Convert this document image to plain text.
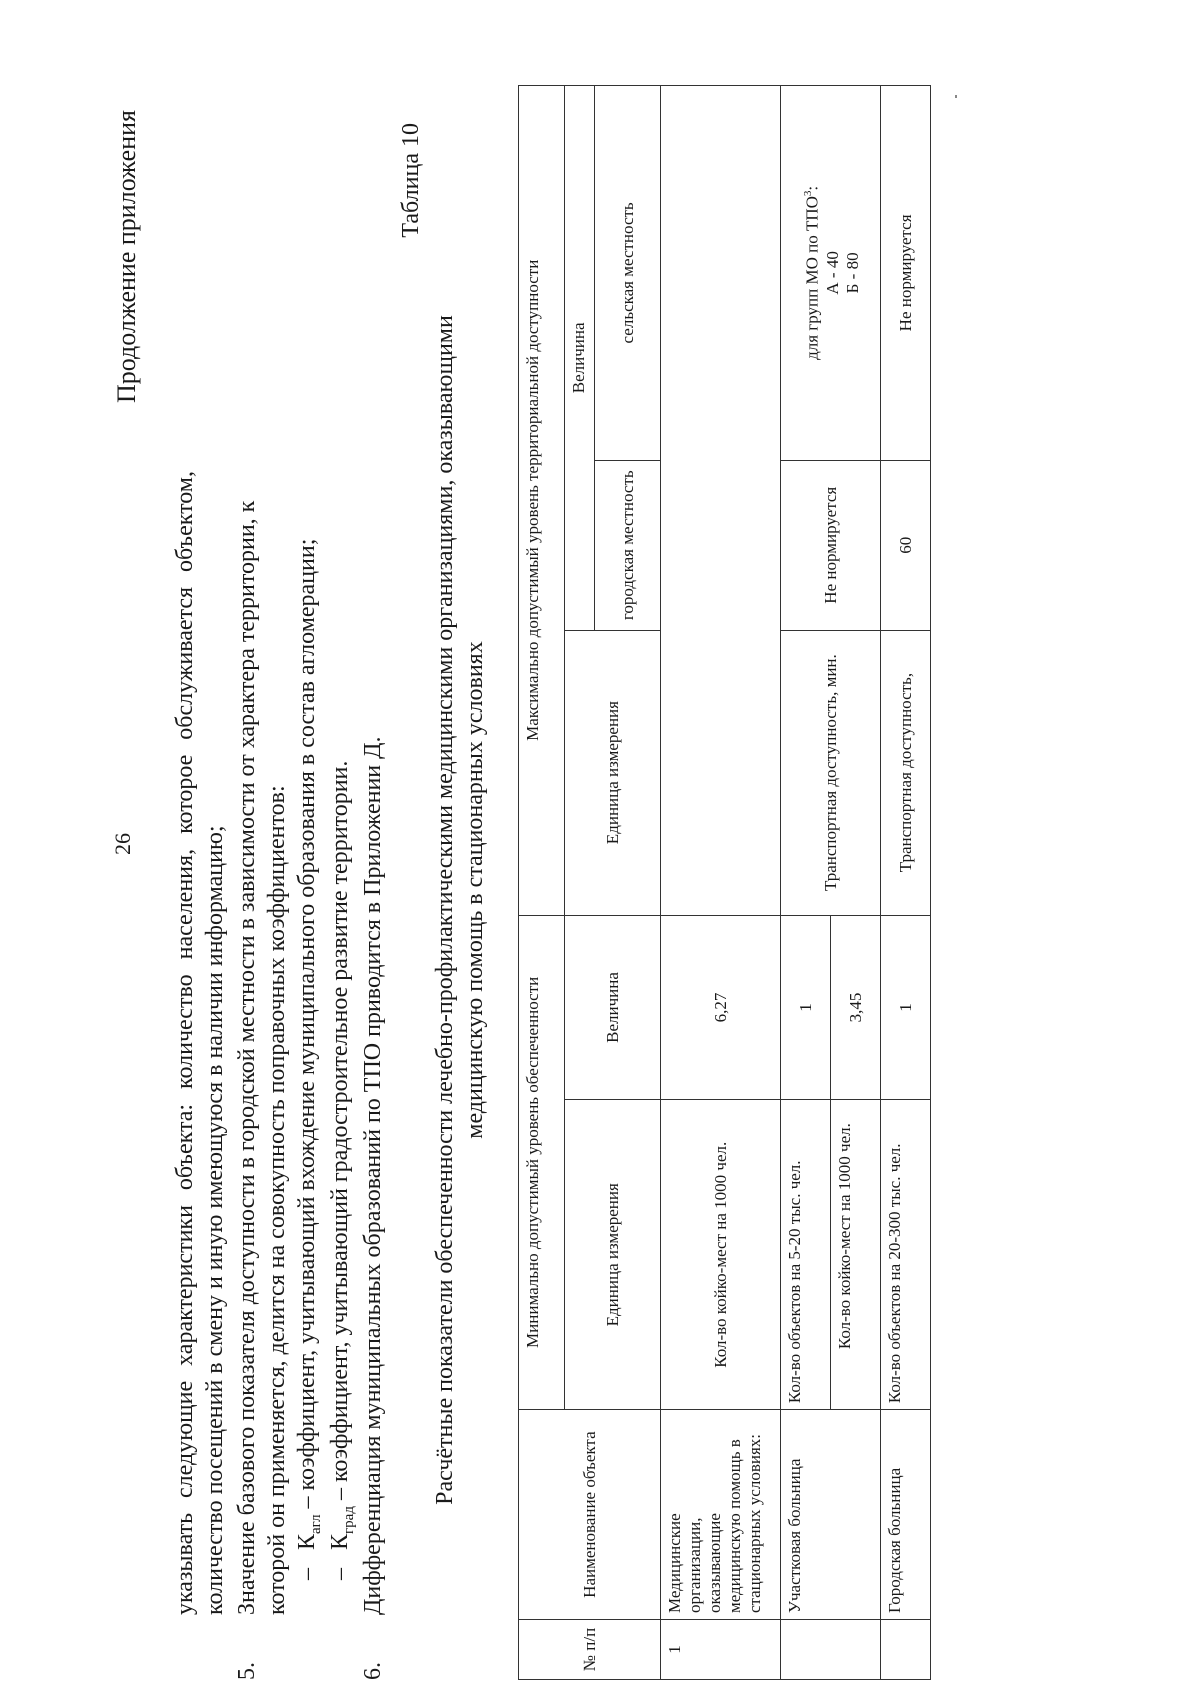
Продолжение приложения
26 указывать следующие характеристики объекта: количество населения, которое обслуживается объектом, количество посещений в смену и иную имеющуюся в наличии информацию;
5.
Значение базового показателя доступности в городской местности в зависимости от характера территории, к которой он применяется, делится на совокупность поправочных коэффициентов: $-К_{агл}$ – коэффициент, учитывающий вхождение муниципального образования в состав агломерации;
$-К_{град}$ – коэффициент, учитывающий градостроительное развитие территории.
6.
Дифференциация муниципальных образований по ТПО приводится в Приложении Д.
Таблица 10
Расчётные показатели обеспеченности лечебно-профилактическими медицинскими организациями, оказывающими медицинскую помощь в стационарных условиях
№ п/п	Наименование объекта	Минимально допустимый уровень обеспеченности		Максимально допустимый уровень территориальной доступности		
		Единица измерения	Величина	Единица измерения	Величина	
					городская местность	сельская местность
1	Медицинские организации, оказывающие медицинскую помощь в стационарных условиях:	Кол-во койко-мест на 1000 чел.	6,27			
	Участковая больница	Кол-во объектов на 5-20 тыс. чел.	1	Транспортная доступность, мин.	Не нормируется	для групп МО по ТПО$^3$:
А - 40
Б - 80
		Кол-во койко-мест на 1000 чел.	3,45			
	Городская больница	Кол-во объектов на 20-300 тыс. чел.	1	Транспортная доступность,	60	Не нормируется
